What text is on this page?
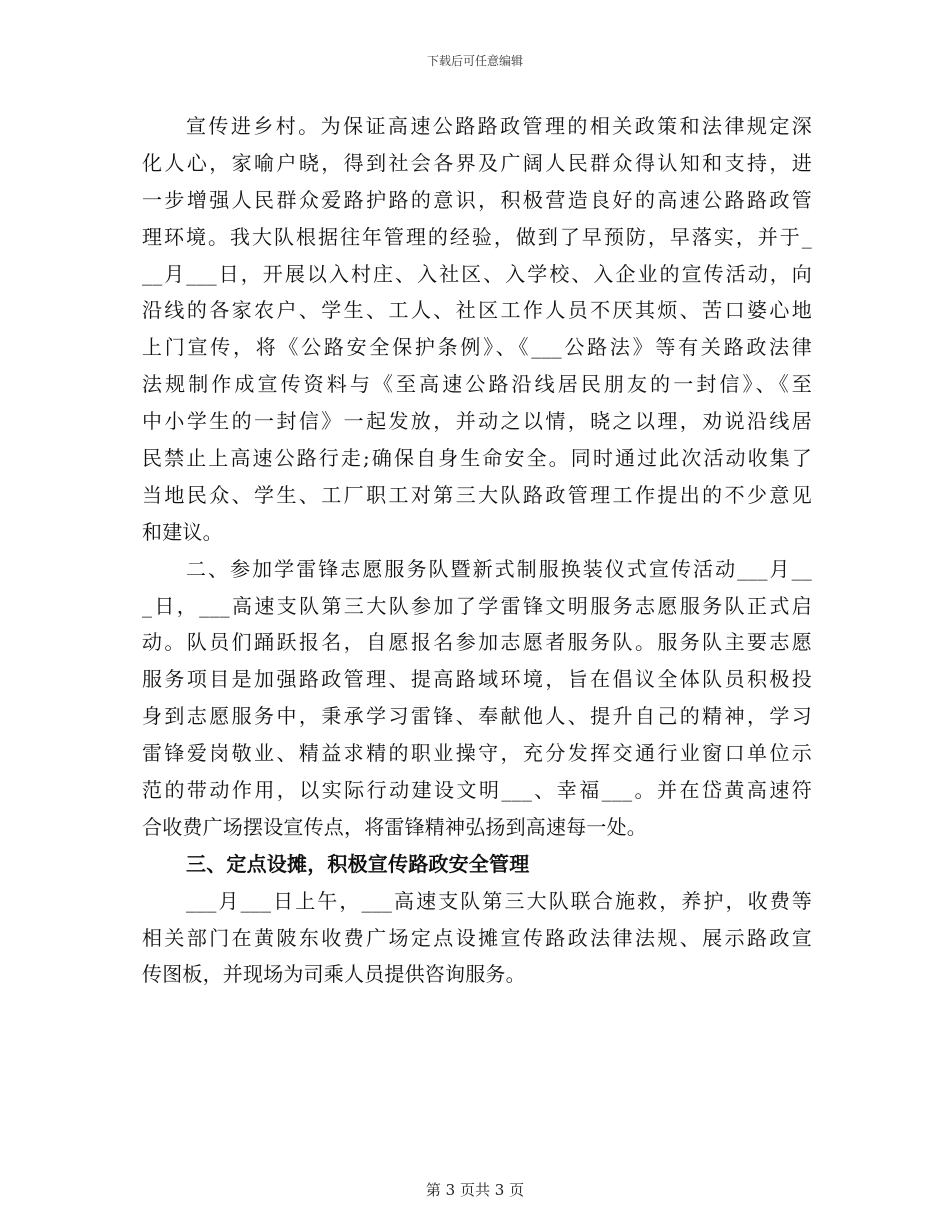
下载后可任意编辑
宣传进乡村。为保证高速公路路政管理的相关政策和法律规定深
化人心，家喻户晓，得到社会各界及广阔人民群众得认知和支持，进
一步增强人民群众爱路护路的意识，积极营造良好的高速公路路政管
理环境。我大队根据往年管理的经验，做到了早预防，早落实，并于_
__月___日，开展以入村庄、入社区、入学校、入企业的宣传活动，向
沿线的各家农户、学生、工人、社区工作人员不厌其烦、苦口婆心地
上门宣传，将《公路安全保护条例》、《___公路法》等有关路政法律
法规制作成宣传资料与《至高速公路沿线居民朋友的一封信》、《至
中小学生的一封信》一起发放，并动之以情，晓之以理，劝说沿线居
民禁止上高速公路行走;确保自身生命安全。同时通过此次活动收集了
当地民众、学生、工厂职工对第三大队路政管理工作提出的不少意见
和建议。
二、参加学雷锋志愿服务队暨新式制服换装仪式宣传活动___月__
_日，___高速支队第三大队参加了学雷锋文明服务志愿服务队正式启
动。队员们踊跃报名，自愿报名参加志愿者服务队。服务队主要志愿
服务项目是加强路政管理、提高路域环境，旨在倡议全体队员积极投
身到志愿服务中，秉承学习雷锋、奉献他人、提升自己的精神，学习
雷锋爱岗敬业、精益求精的职业操守，充分发挥交通行业窗口单位示
范的带动作用，以实际行动建设文明___、幸福___。并在岱黄高速符
合收费广场摆设宣传点，将雷锋精神弘扬到高速每一处。
三、定点设摊，积极宣传路政安全管理
___月___日上午，___高速支队第三大队联合施救，养护，收费等
相关部门在黄陂东收费广场定点设摊宣传路政法律法规、展示路政宣
传图板，并现场为司乘人员提供咨询服务。
第 3 页共 3 页
